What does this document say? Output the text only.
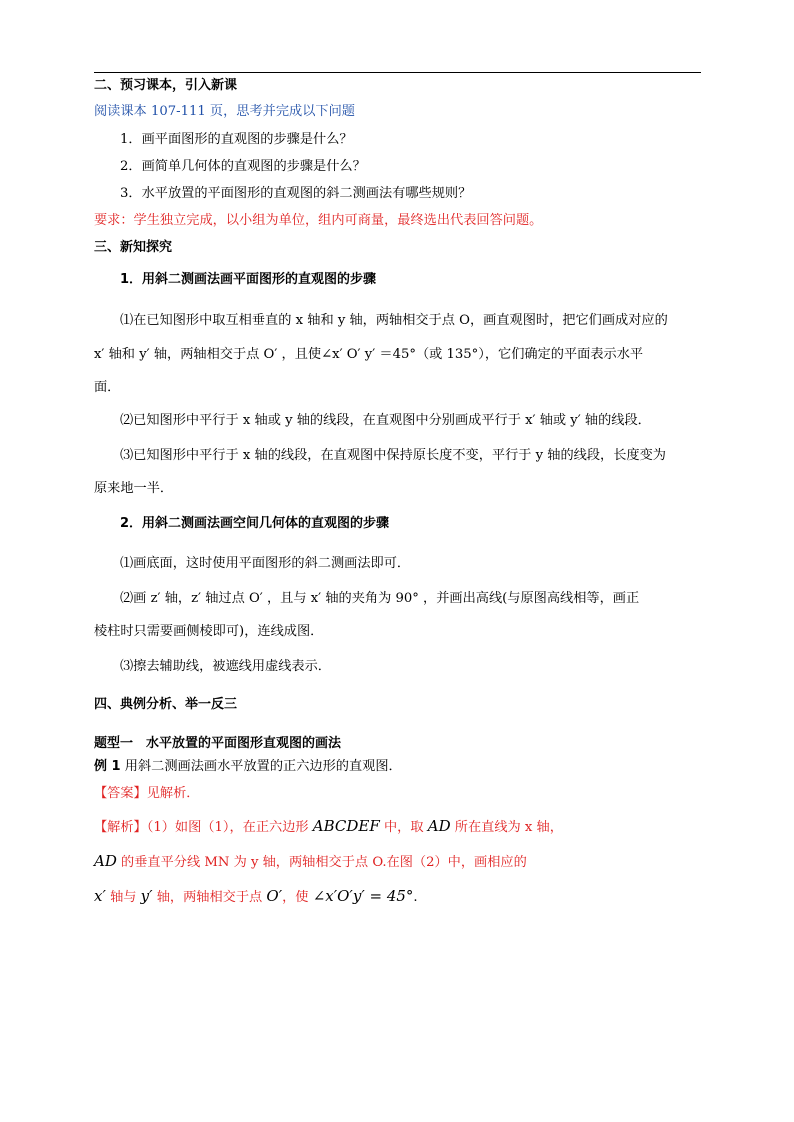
二、预习课本，引入新课
阅读课本 107-111 页，思考并完成以下问题
1．画平面图形的直观图的步骤是什么？
2．画简单几何体的直观图的步骤是什么？
3．水平放置的平面图形的直观图的斜二测画法有哪些规则？
要求：学生独立完成，以小组为单位，组内可商量，最终选出代表回答问题。
三、新知探究
1．用斜二测画法画平面图形的直观图的步骤
⑴在已知图形中取互相垂直的 x 轴和 y 轴，两轴相交于点 O，画直观图时，把它们画成对应的
x′ 轴和 y′ 轴，两轴相交于点 O′ ，且使∠x′ O′ y′ ＝45°（或 135°），它们确定的平面表示水平
面．
⑵已知图形中平行于 x 轴或 y 轴的线段，在直观图中分别画成平行于 x′ 轴或 y′ 轴的线段．
⑶已知图形中平行于 x 轴的线段，在直观图中保持原长度不变，平行于 y 轴的线段，长度变为
原来地一半．
2．用斜二测画法画空间几何体的直观图的步骤
⑴画底面，这时使用平面图形的斜二测画法即可．
⑵画 z′ 轴，z′ 轴过点 O′ ，且与 x′ 轴的夹角为 90° ，并画出高线(与原图高线相等，画正
棱柱时只需要画侧棱即可)，连线成图．
⑶擦去辅助线，被遮线用虚线表示．
四、典例分析、举一反三
题型一　水平放置的平面图形直观图的画法
例 1 用斜二测画法画水平放置的正六边形的直观图．
【答案】见解析．
【解析】（1）如图（1），在正六边形 ABCDEF 中，取 AD 所在直线为 x 轴，
AD 的垂直平分线 MN 为 y 轴，两轴相交于点 O.在图（2）中，画相应的
x′ 轴与 y′ 轴，两轴相交于点 O′，使 ∠x′O′y′ = 45°.
